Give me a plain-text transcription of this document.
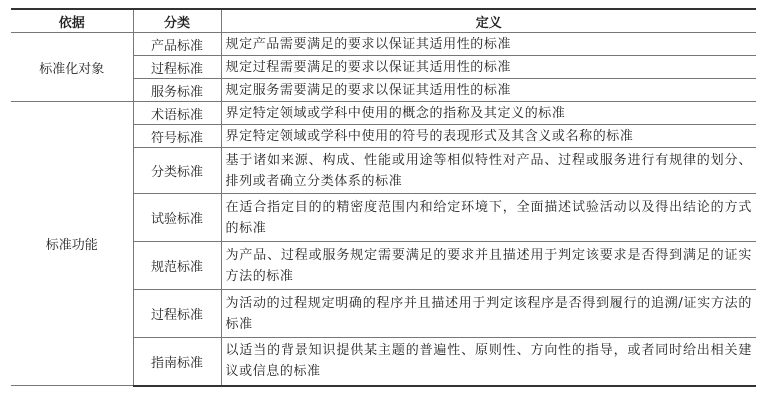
依据	分类	定义
标准化对象	产品标准	规定产品需要满足的要求以保证其适用性的标准
	过程标准	规定过程需要满足的要求以保证其适用性的标准
	服务标准	规定服务需要满足的要求以保证其适用性的标准
标准功能	术语标准	界定特定领域或学科中使用的概念的指称及其定义的标准
	符号标准	界定特定领域或学科中使用的符号的表现形式及其含义或名称的标准
	分类标准	基于诸如来源、构成、性能或用途等相似特性对产品、过程或服务进行有规律的划分、排列或者确立分类体系的标准
	试验标准	在适合指定目的的精密度范围内和给定环境下，全面描述试验活动以及得出结论的方式的标准
	规范标准	为产品、过程或服务规定需要满足的要求并且描述用于判定该要求是否得到满足的证实方法的标准
	过程标准	为活动的过程规定明确的程序并且描述用于判定该程序是否得到履行的追溯/证实方法的标准
	指南标准	以适当的背景知识提供某主题的普遍性、原则性、方向性的指导，或者同时给出相关建议或信息的标准
